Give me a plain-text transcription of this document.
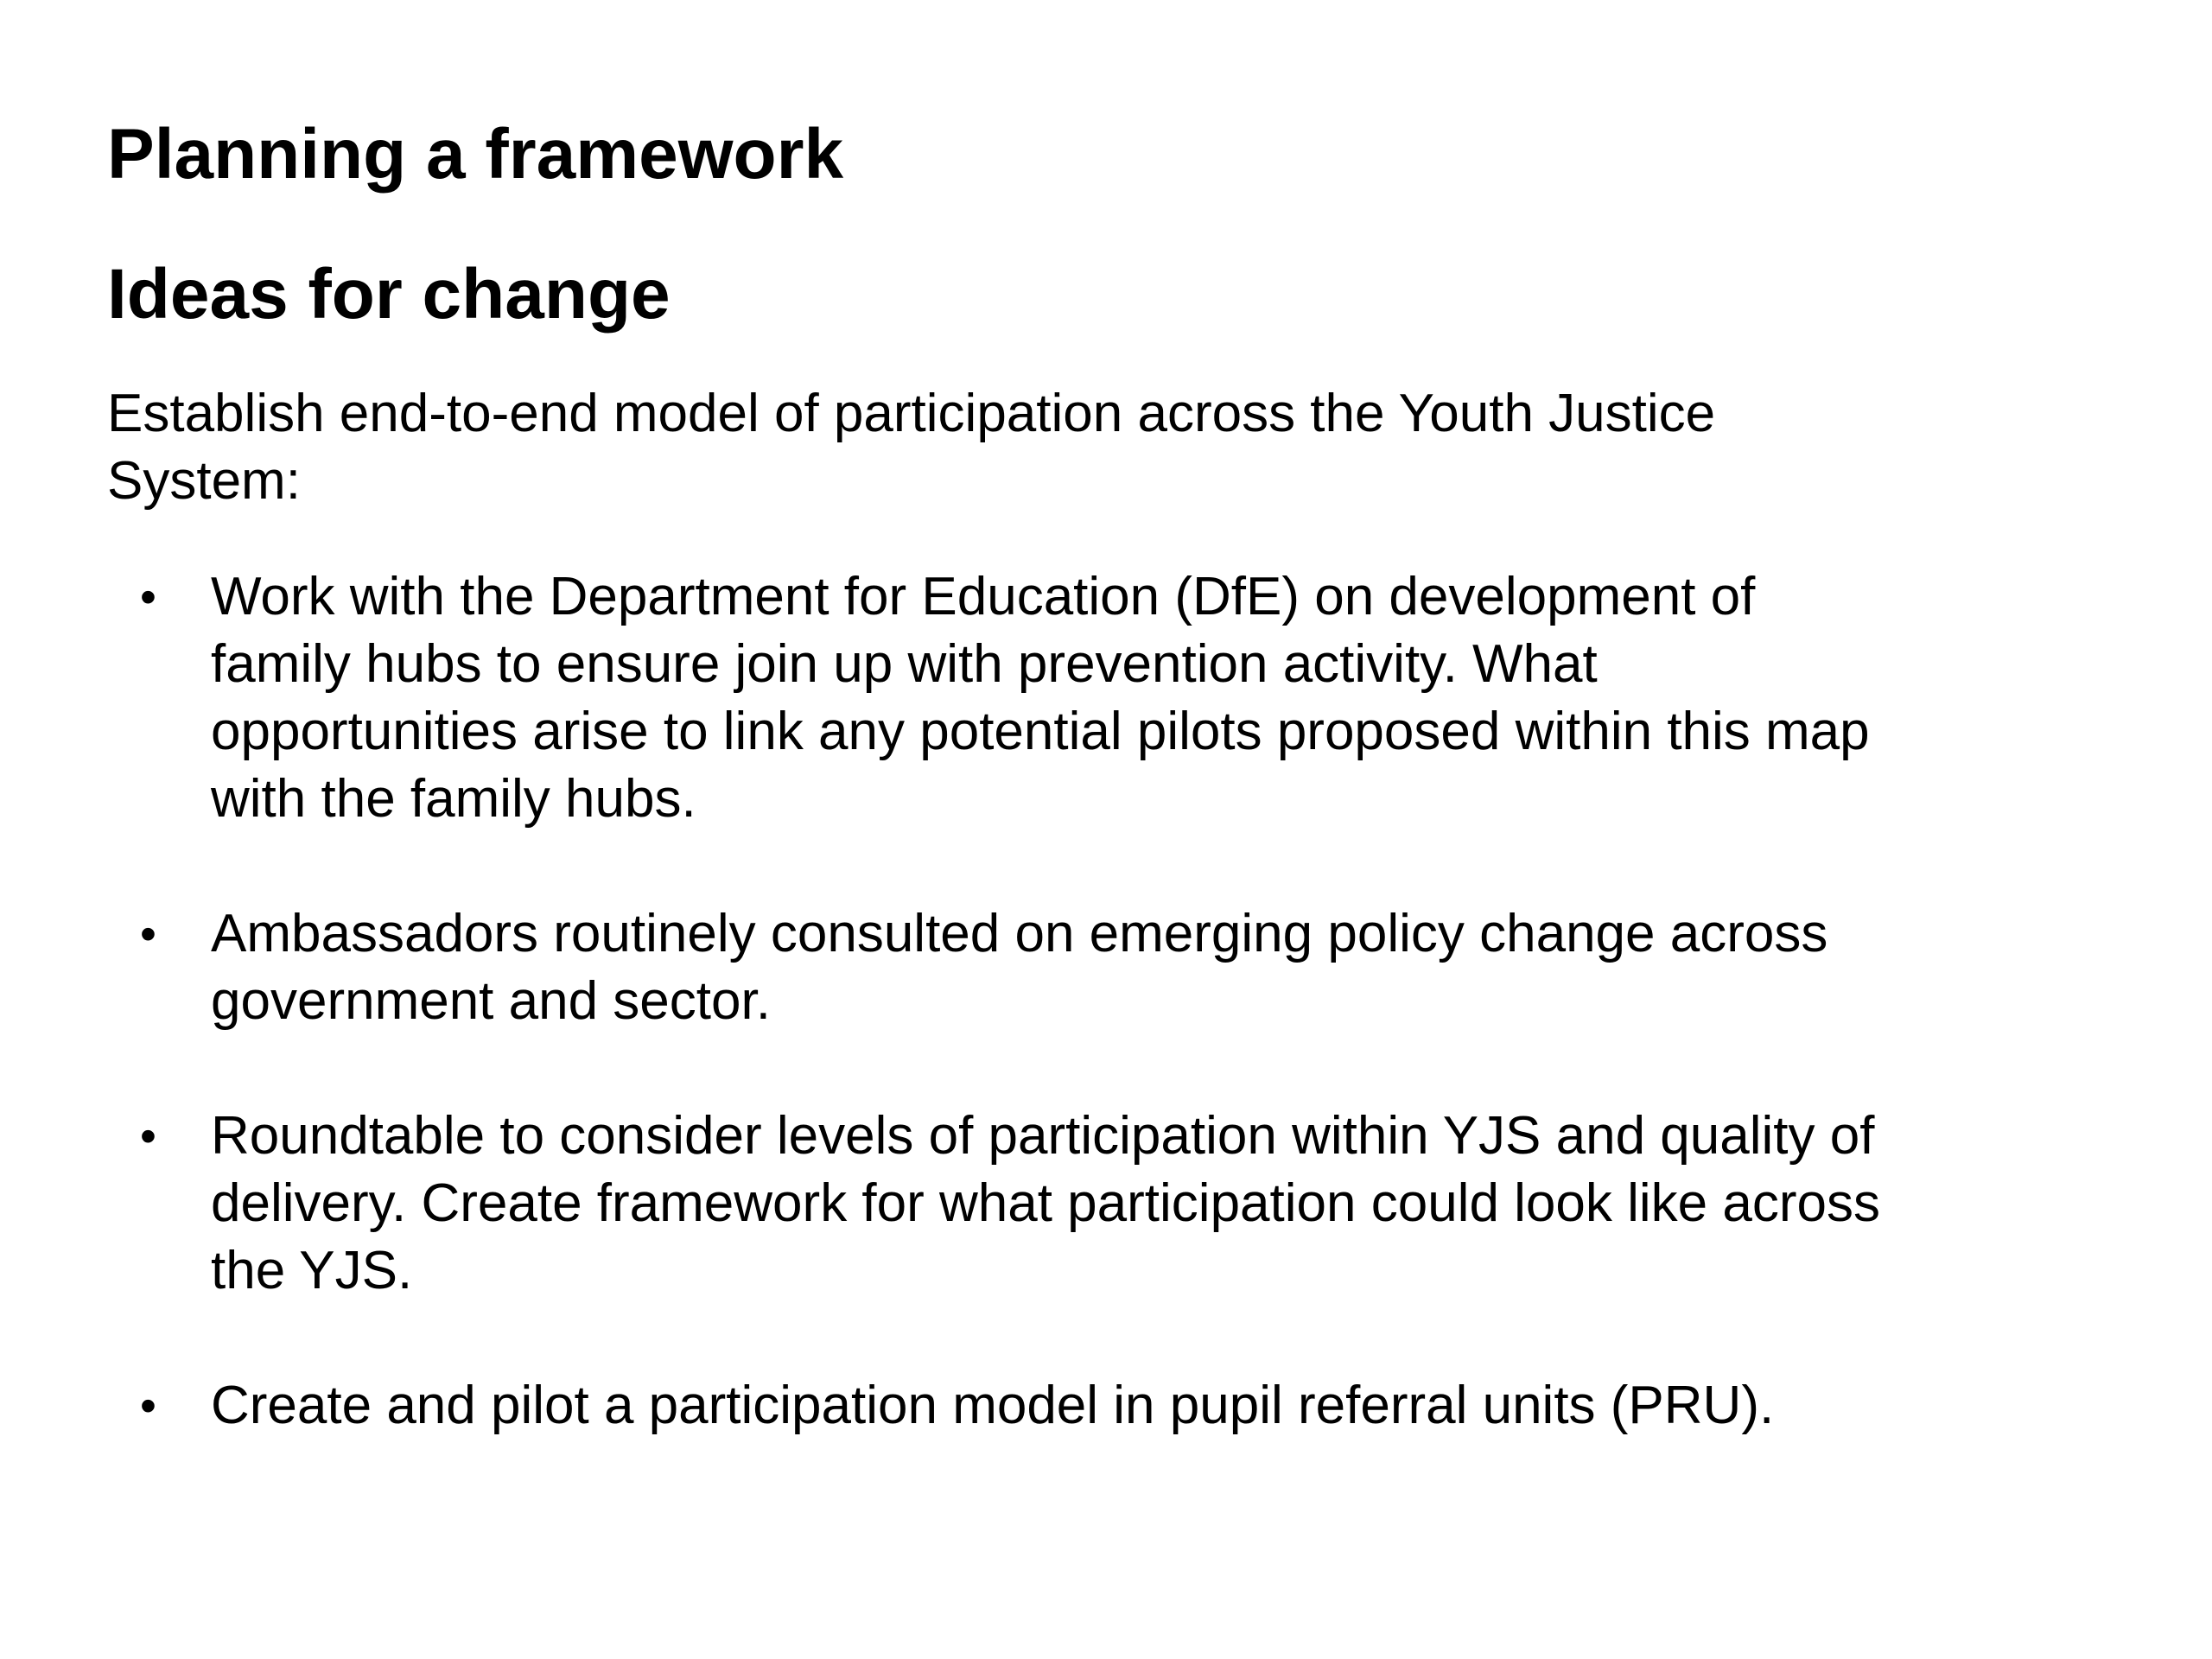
Planning a framework
Ideas for change

Establish end-to-end model of participation across the Youth Justice System:

• Work with the Department for Education (DfE) on development of family hubs to ensure join up with prevention activity. What opportunities arise to link any potential pilots proposed within this map with the family hubs.
• Ambassadors routinely consulted on emerging policy change across government and sector.
• Roundtable to consider levels of participation within YJS and quality of delivery. Create framework for what participation could look like across the YJS.
• Create and pilot a participation model in pupil referral units (PRU).
